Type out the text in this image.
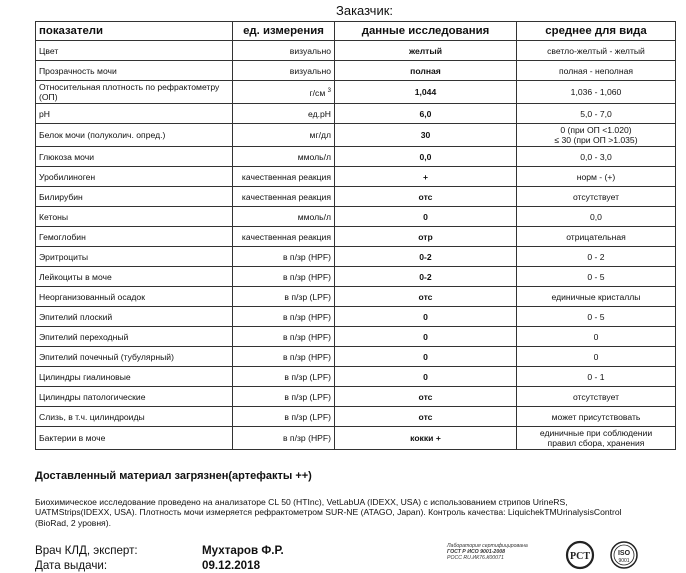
Заказчик:
показатели	ед. измерения	данные исследования	среднее для вида
Цвет	визуально	желтый	светло-желтый - желтый

Прозрачность мочи	визуально	полная	полная - неполная

Относительная плотность по рефрактометру (ОП)	г/см $^3$	1,044	1,036 - 1,060

pH	ед.pH	6,0	5,0 - 7,0

Белок мочи (полуколич. опред.)	мг/дл	30	0 (при ОП <1.020)
≤ 30 (при ОП >1.035)

Глюкоза мочи	ммоль/л	0,0	0,0 - 3,0

Уробилиноген	качественная реакция	+	норм - (+)

Билирубин	качественная реакция	отс	отсутствует

Кетоны	ммоль/л	0	0,0

Гемоглобин	качественная реакция	отр	отрицательная

Эритроциты	в п/зр (HPF)	0-2	0 - 2

Лейкоциты в моче	в п/зр (HPF)	0-2	0 - 5

Неорганизованный осадок	в п/зр (LPF)	отс	единичные кристаллы

Эпителий плоский	в п/зр (HPF)	0	0 - 5

Эпителий переходный	в п/зр (HPF)	0	0

Эпителий почечный (тубулярный)	в п/зр (HPF)	0	0

Цилиндры гиалиновые	в п/зр (LPF)	0	0 - 1

Цилиндры патологические	в п/зр (LPF)	отс	отсутствует

Слизь, в т.ч. цилиндроиды	в п/зр (LPF)	отс	может присутствовать

Бактерии в моче	в п/зр (HPF)	кокки +	единичные при соблюдении
правил сбора, хранения
Доставленный материал загрязнен(артефакты ++)
Биохимическое исследование проведено на анализаторе CL 50 (HTInc), VetLabUA (IDEXX, USA) с использованием стрипов UrineRS, UATMStrips(IDEXX, USA). Плотность мочи измеряется рефрактометром SUR-NE (ATAGO, Japan). Контроль качества: LiquichekTMUrinalysisControl (BioRad, 2 уровня).
Врач КЛД, эксперт:	Мухтаров Ф.Р.
Дата выдачи:	09.12.2018
Лаборатория сертифицирована
ГОСТ Р ИСО 9001-2008
РОСС RU.ИК76.К00071	РСТ	ISO
9001
